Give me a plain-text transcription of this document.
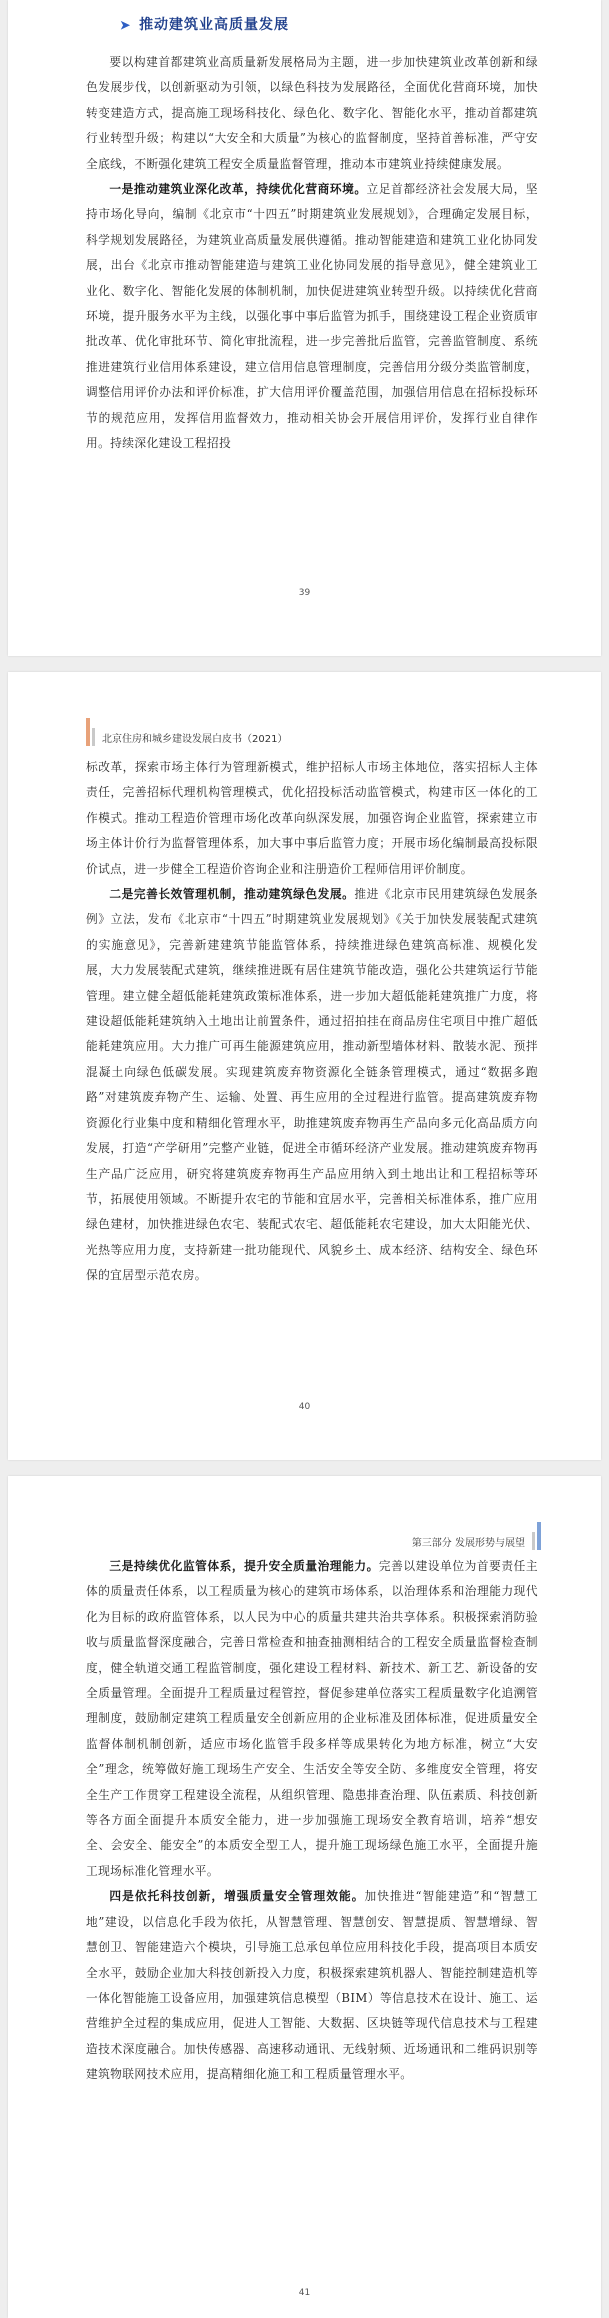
➤ 推动建筑业高质量发展

要以构建首都建筑业高质量新发展格局为主题，进一步加快建筑业改革创新和绿色发展步伐，以创新驱动为引领，以绿色科技为发展路径，全面优化营商环境，加快转变建造方式，提高施工现场科技化、绿色化、数字化、智能化水平，推动首都建筑行业转型升级；构建以“大安全和大质量”为核心的监督制度，坚持首善标准，严守安全底线，不断强化建筑工程安全质量监督管理，推动本市建筑业持续健康发展。

一是推动建筑业深化改革，持续优化营商环境。立足首都经济社会发展大局，坚持市场化导向，编制《北京市“十四五”时期建筑业发展规划》，合理确定发展目标，科学规划发展路径，为建筑业高质量发展供遵循。推动智能建造和建筑工业化协同发展，出台《北京市推动智能建造与建筑工业化协同发展的指导意见》，健全建筑业工业化、数字化、智能化发展的体制机制，加快促进建筑业转型升级。以持续优化营商环境，提升服务水平为主线，以强化事中事后监管为抓手，围绕建设工程企业资质审批改革、优化审批环节、简化审批流程，进一步完善批后监管，完善监管制度、系统推进建筑行业信用体系建设，建立信用信息管理制度，完善信用分级分类监管制度，调整信用评价办法和评价标准，扩大信用评价覆盖范围，加强信用信息在招标投标环节的规范应用，发挥信用监督效力，推动相关协会开展信用评价，发挥行业自律作用。持续深化建设工程招投

39
北京住房和城乡建设发展白皮书（2021）

标改革，探索市场主体行为管理新模式，维护招标人市场主体地位，落实招标人主体责任，完善招标代理机构管理模式，优化招投标活动监管模式，构建市区一体化的工作模式。推动工程造价管理市场化改革向纵深发展，加强咨询企业监管，探索建立市场主体计价行为监督管理体系，加大事中事后监管力度；开展市场化编制最高投标限价试点，进一步健全工程造价咨询企业和注册造价工程师信用评价制度。

二是完善长效管理机制，推动建筑绿色发展。推进《北京市民用建筑绿色发展条例》立法，发布《北京市“十四五”时期建筑业发展规划》《关于加快发展装配式建筑的实施意见》，完善新建建筑节能监管体系，持续推进绿色建筑高标准、规模化发展，大力发展装配式建筑，继续推进既有居住建筑节能改造，强化公共建筑运行节能管理。建立健全超低能耗建筑政策标准体系，进一步加大超低能耗建筑推广力度，将建设超低能耗建筑纳入土地出让前置条件，通过招拍挂在商品房住宅项目中推广超低能耗建筑应用。大力推广可再生能源建筑应用，推动新型墙体材料、散装水泥、预拌混凝土向绿色低碳发展。实现建筑废弃物资源化全链条管理模式，通过“数据多跑路”对建筑废弃物产生、运输、处置、再生应用的全过程进行监管。提高建筑废弃物资源化行业集中度和精细化管理水平，助推建筑废弃物再生产品向多元化高品质方向发展，打造“产学研用”完整产业链，促进全市循环经济产业发展。推动建筑废弃物再生产品广泛应用，研究将建筑废弃物再生产品应用纳入到土地出让和工程招标等环节，拓展使用领域。不断提升农宅的节能和宜居水平，完善相关标准体系，推广应用绿色建材，加快推进绿色农宅、装配式农宅、超低能耗农宅建设，加大太阳能光伏、光热等应用力度，支持新建一批功能现代、风貌乡土、成本经济、结构安全、绿色环保的宜居型示范农房。

40
第三部分 发展形势与展望

三是持续优化监管体系，提升安全质量治理能力。完善以建设单位为首要责任主体的质量责任体系，以工程质量为核心的建筑市场体系，以治理体系和治理能力现代化为目标的政府监管体系，以人民为中心的质量共建共治共享体系。积极探索消防验收与质量监督深度融合，完善日常检查和抽查抽测相结合的工程安全质量监督检查制度，健全轨道交通工程监管制度，强化建设工程材料、新技术、新工艺、新设备的安全质量管理。全面提升工程质量过程管控，督促参建单位落实工程质量数字化追溯管理制度，鼓励制定建筑工程质量安全创新应用的企业标准及团体标准，促进质量安全监督体制机制创新，适应市场化监管手段多样等成果转化为地方标准，树立“大安全”理念，统筹做好施工现场生产安全、生活安全等安全防、多维度安全管理，将安全生产工作贯穿工程建设全流程，从组织管理、隐患排查治理、队伍素质、科技创新等各方面全面提升本质安全能力，进一步加强施工现场安全教育培训，培养“想安全、会安全、能安全”的本质安全型工人，提升施工现场绿色施工水平，全面提升施工现场标准化管理水平。

四是依托科技创新，增强质量安全管理效能。加快推进“智能建造”和“智慧工地”建设，以信息化手段为依托，从智慧管理、智慧创安、智慧提质、智慧增绿、智慧创卫、智能建造六个模块，引导施工总承包单位应用科技化手段，提高项目本质安全水平，鼓励企业加大科技创新投入力度，积极探索建筑机器人、智能控制建造机等一体化智能施工设备应用，加强建筑信息模型（BIM）等信息技术在设计、施工、运营维护全过程的集成应用，促进人工智能、大数据、区块链等现代信息技术与工程建造技术深度融合。加快传感器、高速移动通讯、无线射频、近场通讯和二维码识别等建筑物联网技术应用，提高精细化施工和工程质量管理水平。

41
